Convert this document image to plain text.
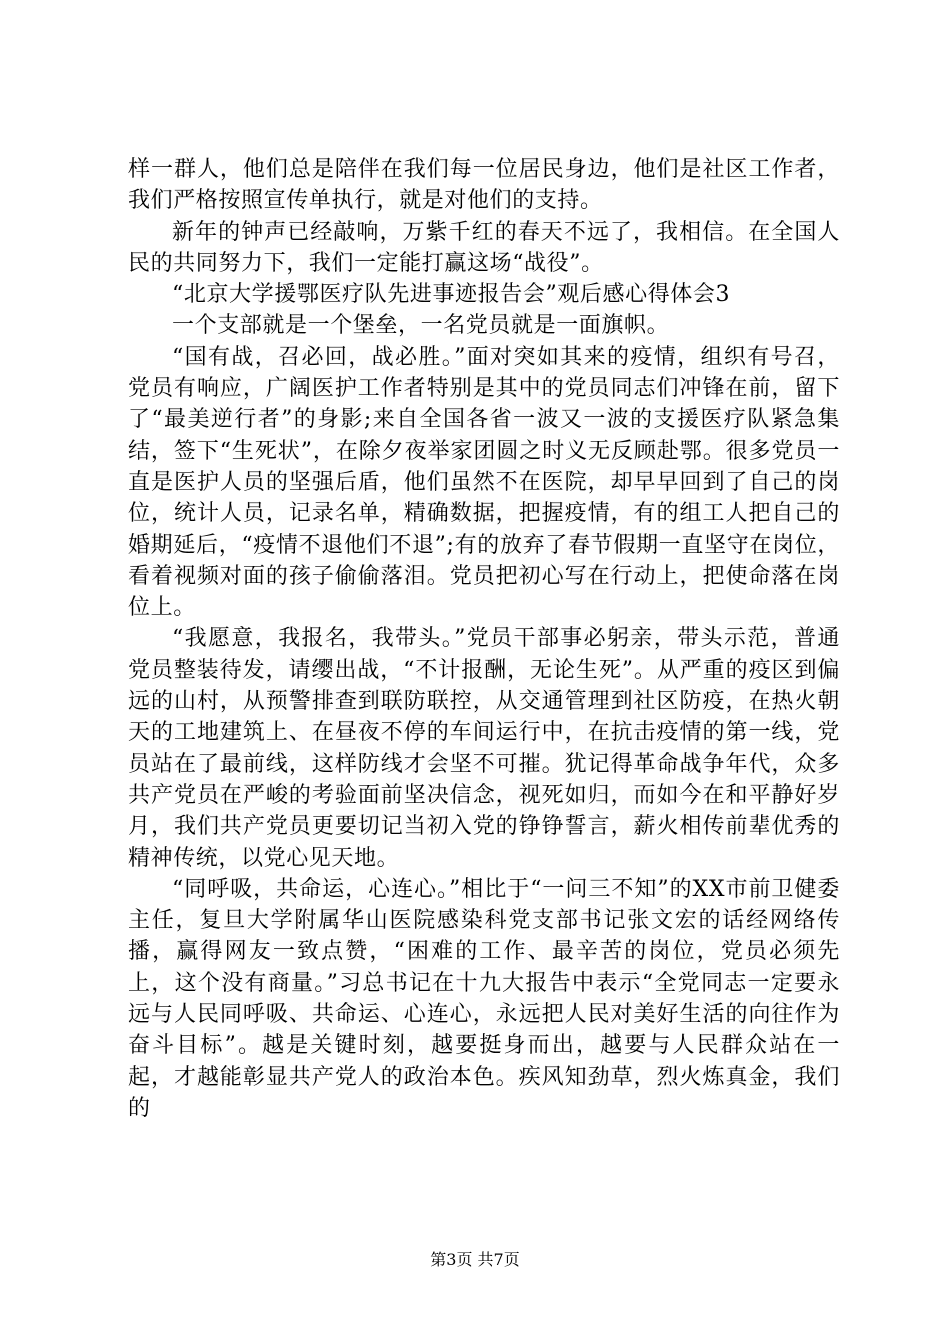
样一群人，他们总是陪伴在我们每一位居民身边，他们是社区工作者，我们严格按照宣传单执行，就是对他们的支持。

新年的钟声已经敲响，万紫千红的春天不远了，我相信。在全国人民的共同努力下，我们一定能打赢这场“战役”。

“北京大学援鄂医疗队先进事迹报告会”观后感心得体会3

一个支部就是一个堡垒，一名党员就是一面旗帜。

“国有战，召必回，战必胜。”面对突如其来的疫情，组织有号召，党员有响应，广阔医护工作者特别是其中的党员同志们冲锋在前，留下了“最美逆行者”的身影;来自全国各省一波又一波的支援医疗队紧急集结，签下“生死状”，在除夕夜举家团圆之时义无反顾赴鄂。很多党员一直是医护人员的坚强后盾，他们虽然不在医院，却早早回到了自己的岗位，统计人员，记录名单，精确数据，把握疫情，有的组工人把自己的婚期延后，“疫情不退他们不退”;有的放弃了春节假期一直坚守在岗位，看着视频对面的孩子偷偷落泪。党员把初心写在行动上，把使命落在岗位上。

“我愿意，我报名，我带头。”党员干部事必躬亲，带头示范，普通党员整装待发，请缨出战，“不计报酬，无论生死”。从严重的疫区到偏远的山村，从预警排查到联防联控，从交通管理到社区防疫，在热火朝天的工地建筑上、在昼夜不停的车间运行中，在抗击疫情的第一线，党员站在了最前线，这样防线才会坚不可摧。犹记得革命战争年代，众多共产党员在严峻的考验面前坚决信念，视死如归，而如今在和平静好岁月，我们共产党员更要切记当初入党的铮铮誓言，薪火相传前辈优秀的精神传统，以党心见天地。

“同呼吸，共命运，心连心。”相比于“一问三不知”的XX市前卫健委主任，复旦大学附属华山医院感染科党支部书记张文宏的话经网络传播，赢得网友一致点赞，“困难的工作、最辛苦的岗位，党员必须先上，这个没有商量。”习总书记在十九大报告中表示“全党同志一定要永远与人民同呼吸、共命运、心连心，永远把人民对美好生活的向往作为奋斗目标”。越是关键时刻，越要挺身而出，越要与人民群众站在一起，才越能彰显共产党人的政治本色。疾风知劲草，烈火炼真金，我们的

第3页 共7页
